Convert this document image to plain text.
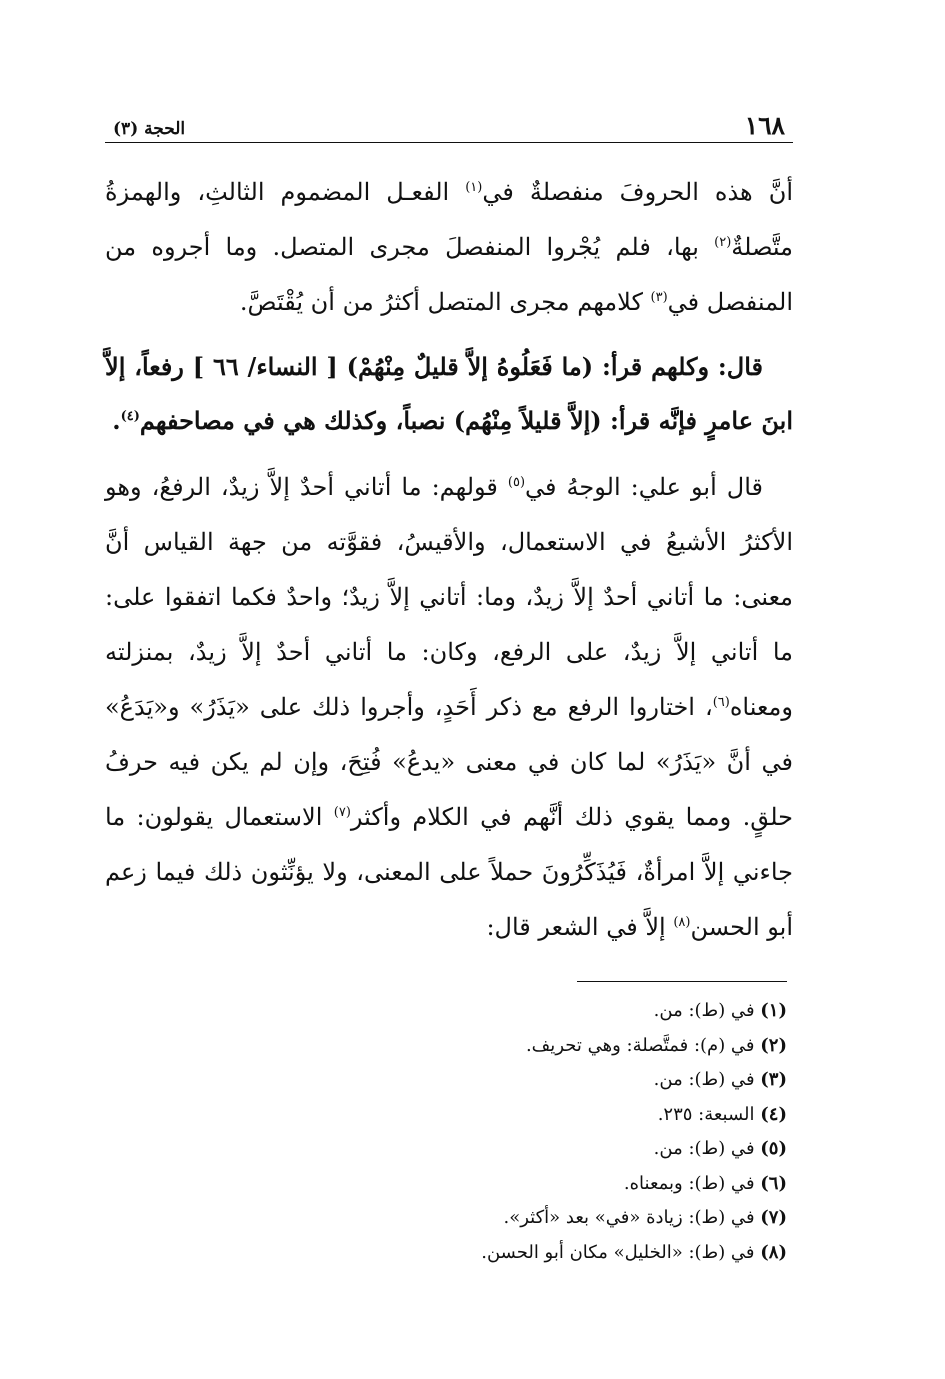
١٦٨
الحجة (٣)

أنَّ هذه الحروفَ منفصلةٌ في$^{(١)}$ الفعـل المضموم الثالثِ، والهمزةُ متَّصلةٌ$^{(٢)}$ بها، فلم يُجْروا المنفصلَ مجرى المتصل. وما أجروه من المنفصل في$^{(٣)}$ كلامهم مجرى المتصل أكثرُ من أن يُقْتَصَّ.

قال: وكلهم قرأ: (ما فَعَلُوهُ إلاَّ قليلٌ مِنْهُمْ) [ النساء/ ٦٦ ] رفعاً، إلاَّ ابنَ عامرٍ فإنَّه قرأ: (إلاَّ قليلاً مِنْهُم) نصباً، وكذلك هي في مصاحفهم$^{(٤)}$.

قال أبو علي: الوجهُ في$^{(٥)}$ قولهم: ما أتاني أحدٌ إلاَّ زيدٌ، الرفعُ، وهو الأكثرُ الأشيعُ في الاستعمال، والأقيسُ، فقوَّته من جهة القياس أنَّ معنى: ما أتاني أحدٌ إلاَّ زيدٌ، وما: أتاني إلاَّ زيدٌ؛ واحدٌ فكما اتفقوا على: ما أتاني إلاَّ زيدٌ، على الرفع، وكان: ما أتاني أحدٌ إلاَّ زيدٌ، بمنزلته ومعناه$^{(٦)}$، اختاروا الرفع مع ذكر أَحَدٍ، وأجروا ذلك على «يَذَرُ» و«يَدَعُ» في أنَّ «يَذَرُ» لما كان في معنى «يدعُ» فُتِحَ، وإن لم يكن فيه حرفُ حلقٍ. ومما يقوي ذلك أنَّهم في الكلام وأكثر$^{(٧)}$ الاستعمال يقولون: ما جاءني إلاَّ امرأةٌ، فَيُذَكِّرُونَ حملاً على المعنى، ولا يؤنِّثون ذلك فيما زعم أبو الحسن$^{(٨)}$ إلاَّ في الشعر قال:

(١) في (ط): من.
(٢) في (م): فمتَّصلة: وهي تحريف.
(٣) في (ط): من.
(٤) السبعة: ٢٣٥.
(٥) في (ط): من.
(٦) في (ط): وبمعناه.
(٧) في (ط): زيادة «في» بعد «أكثر».
(٨) في (ط): «الخليل» مكان أبو الحسن.
